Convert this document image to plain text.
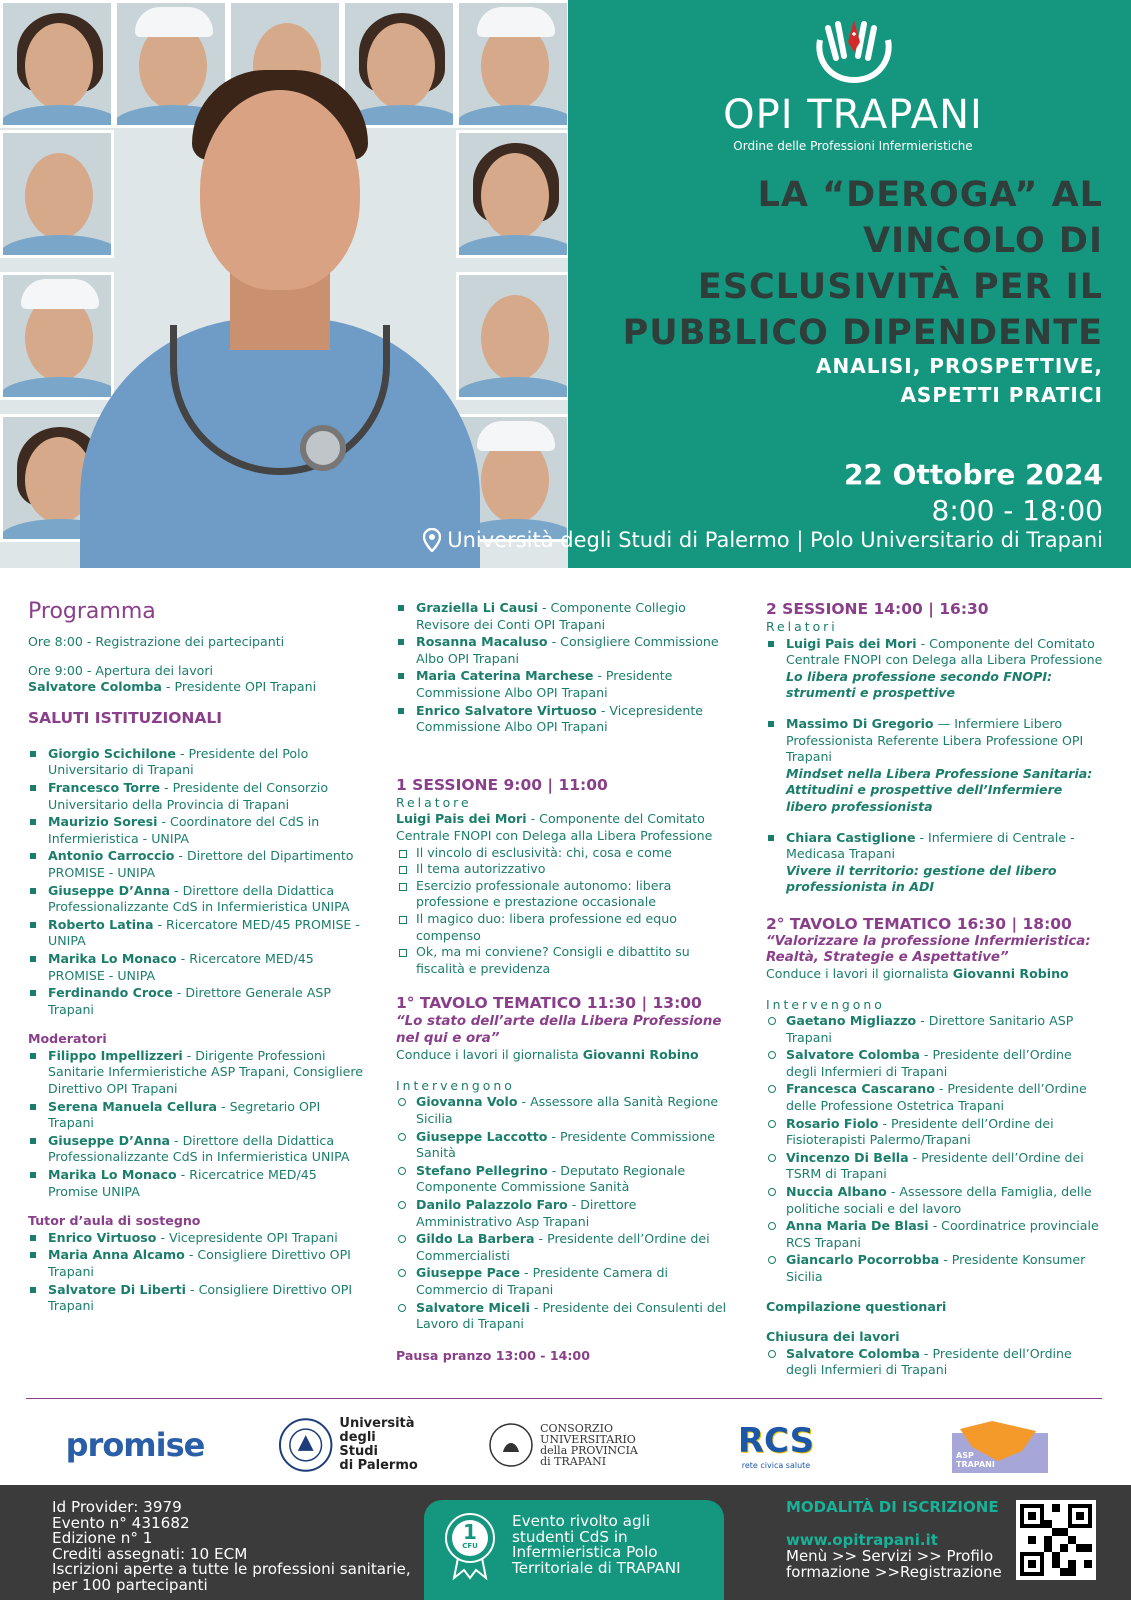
OPI TRAPANI
Ordine delle Professioni Infermieristiche
LA “DEROGA” AL
VINCOLO DI
ESCLUSIVITÀ PER IL
PUBBLICO DIPENDENTE
ANALISI, PROSPETTIVE,
ASPETTI PRATICI
22 Ottobre 2024
8:00 - 18:00
Università degli Studi di Palermo | Polo Universitario di Trapani
Programma
Ore 8:00 - Registrazione dei partecipanti
Ore 9:00 - Apertura dei lavori
Salvatore Colomba - Presidente OPI Trapani
SALUTI ISTITUZIONALI
Giorgio Scichilone - Presidente del Polo Universitario di Trapani
Francesco Torre - Presidente del Consorzio Universitario della Provincia di Trapani
Maurizio Soresi - Coordinatore del CdS in Infermieristica - UNIPA
Antonio Carroccio - Direttore del Dipartimento PROMISE - UNIPA
Giuseppe D’Anna - Direttore della Didattica Professionalizzante CdS in Infermieristica UNIPA
Roberto Latina - Ricercatore MED/45 PROMISE - UNIPA
Marika Lo Monaco - Ricercatore MED/45 PROMISE - UNIPA
Ferdinando Croce - Direttore Generale ASP Trapani
Moderatori
Filippo Impellizzeri - Dirigente Professioni Sanitarie Infermieristiche ASP Trapani, Consigliere Direttivo OPI Trapani
Serena Manuela Cellura - Segretario OPI Trapani
Giuseppe D’Anna - Direttore della Didattica Professionalizzante CdS in Infermieristica UNIPA
Marika Lo Monaco - Ricercatrice MED/45 Promise UNIPA
Tutor d’aula di sostegno
Enrico Virtuoso - Vicepresidente OPI Trapani
Maria Anna Alcamo - Consigliere Direttivo OPI Trapani
Salvatore Di Liberti - Consigliere Direttivo OPI Trapani
Graziella Li Causi - Componente Collegio Revisore dei Conti OPI Trapani
Rosanna Macaluso - Consigliere Commissione Albo OPI Trapani
Maria Caterina Marchese - Presidente Commissione Albo OPI Trapani
Enrico Salvatore Virtuoso - Vicepresidente Commissione Albo OPI Trapani
1 SESSIONE 9:00 | 11:00
Relatore
Luigi Pais dei Mori - Componente del Comitato Centrale FNOPI con Delega alla Libera Professione
Il vincolo di esclusività: chi, cosa e come
Il tema autorizzativo
Esercizio professionale autonomo: libera professione e prestazione occasionale
Il magico duo: libera professione ed equo compenso
Ok, ma mi conviene? Consigli e dibattito su fiscalità e previdenza
1° TAVOLO TEMATICO 11:30 | 13:00
“Lo stato dell’arte della Libera Professione nel qui e ora”
Conduce i lavori il giornalista Giovanni Robino
Intervengono
Giovanna Volo - Assessore alla Sanità Regione Sicilia
Giuseppe Laccotto - Presidente Commissione Sanità
Stefano Pellegrino - Deputato Regionale Componente Commissione Sanità
Danilo Palazzolo Faro - Direttore Amministrativo Asp Trapani
Gildo La Barbera - Presidente dell’Ordine dei Commercialisti
Giuseppe Pace - Presidente Camera di Commercio di Trapani
Salvatore Miceli - Presidente dei Consulenti del Lavoro di Trapani
Pausa pranzo 13:00 - 14:00
2 SESSIONE 14:00 | 16:30
Relatori
Luigi Pais dei Mori - Componente del Comitato Centrale FNOPI con Delega alla Libera Professione
Lo libera professione secondo FNOPI: strumenti e prospettive
Massimo Di Gregorio — Infermiere Libero Professionista Referente Libera Professione OPI Trapani
Mindset nella Libera Professione Sanitaria: Attitudini e prospettive dell’Infermiere libero professionista
Chiara Castiglione - Infermiere di Centrale - Medicasa Trapani
Vivere il territorio: gestione del libero professionista in ADI
2° TAVOLO TEMATICO 16:30 | 18:00
“Valorizzare la professione Infermieristica: Realtà, Strategie e Aspettative”
Conduce i lavori il giornalista Giovanni Robino
Intervengono
Gaetano Migliazzo - Direttore Sanitario ASP Trapani
Salvatore Colomba - Presidente dell’Ordine degli Infermieri di Trapani
Francesca Cascarano - Presidente dell’Ordine delle Professione Ostetrica Trapani
Rosario Fiolo - Presidente dell’Ordine dei Fisioterapisti Palermo/Trapani
Vincenzo Di Bella - Presidente dell’Ordine dei TSRM di Trapani
Nuccia Albano - Assessore della Famiglia, delle politiche sociali e del lavoro
Anna Maria De Blasi - Coordinatrice provinciale RCS Trapani
Giancarlo Pocorrobba - Presidente Konsumer Sicilia
Compilazione questionari
Chiusura dei lavori
Salvatore Colomba - Presidente dell’Ordine degli Infermieri di Trapani
promise
Università
degli Studi
di Palermo
CONSORZIO
UNIVERSITARIO
della PROVINCIA
di TRAPANI
RCS
rete civica salute
ASP
TRAPANI
Id Provider: 3979
Evento n° 431682
Edizione n° 1
Crediti assegnati: 10 ECM
Iscrizioni aperte a tutte le professioni sanitarie,
per 100 partecipanti
1
CFU
Evento rivolto agli
studenti CdS in
Infermieristica Polo
Territoriale di TRAPANI
MODALITÀ DI ISCRIZIONE
www.opitrapani.it
Menù >> Servizi >> Profilo
formazione >>Registrazione
